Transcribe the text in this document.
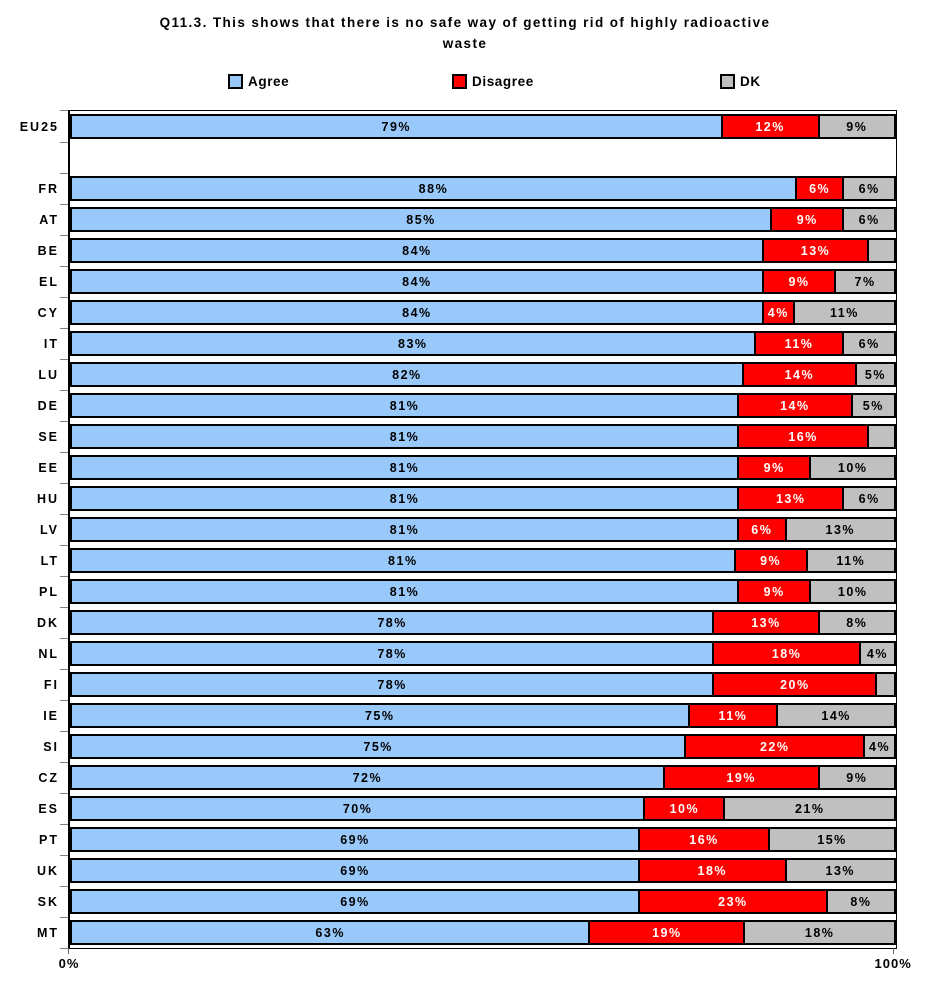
Q11.3. This shows that there is no safe way of getting rid of highly radioactive
waste
Agree	Disagree	DK
EU25	79%	12%	9%
FR	88%	6% 6%
AT	85%	9%	6%
BE	84%	13%
EL	84%	9%	7%
CY	84%	4%	11%
IT	83%	11%	6%
LU	82%	14%	5%
DE	81%	14%	5%
SE	81%	16%
EE	81%	9%	10%
HU	81%	13%	6%
LV	81%	6%	13%
LT	81%	9%	11%
PL	81%	9%	10%
DK	78%	13%	8%
NL	78%	18%	4%
FI	78%	20%
IE	75%	11%	14%
SI	75%	22%	4%
CZ	72%	19%	9%
ES	70%	10%	21%
PT	69%	16%	15%
UK	69%	18%	13%
SK	69%	23%	8%
MT	63%	19%	18%
0%	100%
